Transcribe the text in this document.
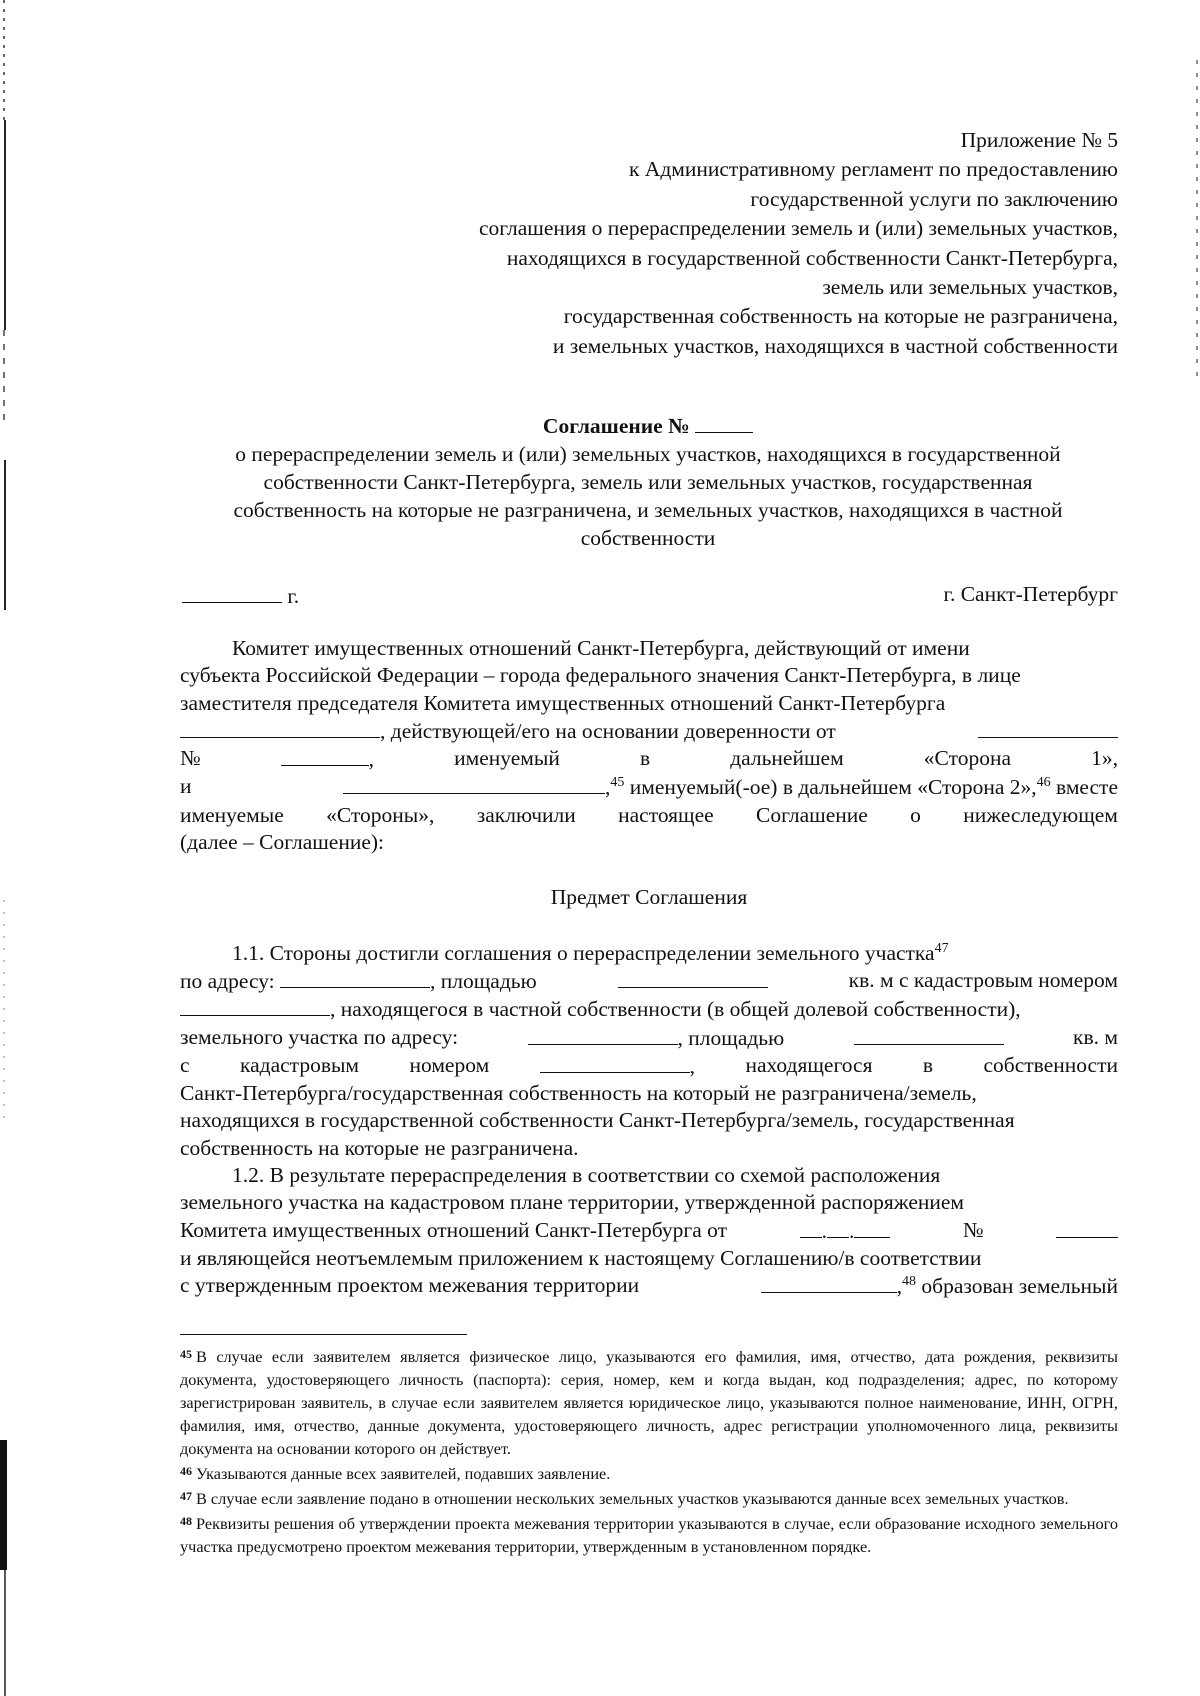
Приложение № 5
к Административному регламент по предоставлению
государственной услуги по заключению
соглашения о перераспределении земель и (или) земельных участков,
находящихся в государственной собственности Санкт-Петербурга,
земель или земельных участков,
государственная собственность на которые не разграничена,
и земельных участков, находящихся в частной собственности
Соглашение №
о перераспределении земель и (или) земельных участков, находящихся в государственной
собственности Санкт-Петербурга, земель или земельных участков, государственная
собственность на которые не разграничена, и земельных участков, находящихся в частной
собственности
г.	г. Санкт-Петербург

Комитет имущественных отношений Санкт-Петербурга, действующий от имени

субъекта Российской Федерации – города федерального значения Санкт-Петербурга, в лице

заместителя председателя Комитета имущественных отношений Санкт-Петербурга

, действующей/его на основании доверенности от

№	,	именуемый	в	дальнейшем	«Сторона	1»,

и	,$^{45}$ именуемый(-ое) в дальнейшем «Сторона 2»,$^{46}$ вместе

именуемые «Стороны», заключили настоящее Соглашение о нижеследующем

(далее – Соглашение):

Предмет Соглашения

1.1. Стороны достигли соглашения о перераспределении земельного участка$^{47}$

по адресу:	, площадью	кв. м с кадастровым номером

, находящегося в частной собственности (в общей долевой собственности),

земельного участка по адресу:	, площадью	кв. м

с кадастровым номером	, находящегося в собственности

Санкт-Петербурга/государственная собственность на который не разграничена/земель,

находящихся в государственной собственности Санкт-Петербурга/земель, государственная

собственность на которые не разграничена.

1.2. В результате перераспределения в соответствии со схемой расположения

земельного участка на кадастровом плане территории, утвержденной распоряжением

Комитета имущественных отношений Санкт-Петербурга от	. .	№

и являющейся неотъемлемым приложением к настоящему Соглашению/в соответствии

с утвержденным проектом межевания территории	,$^{48}$ образован земельный

$^{45}$ В случае если заявителем является физическое лицо, указываются его фамилия, имя, отчество, дата рождения, реквизиты документа, удостоверяющего личность (паспорта): серия, номер, кем и когда выдан, код подразделения; адрес, по которому зарегистрирован заявитель, в случае если заявителем является юридическое лицо, указываются полное наименование, ИНН, ОГРН, фамилия, имя, отчество, данные документа, удостоверяющего личность, адрес регистрации уполномоченного лица, реквизиты документа на основании которого он действует.

$^{46}$ Указываются данные всех заявителей, подавших заявление.

$^{47}$ В случае если заявление подано в отношении нескольких земельных участков указываются данные всех земельных участков.

$^{48}$ Реквизиты решения об утверждении проекта межевания территории указываются в случае, если образование исходного земельного участка предусмотрено проектом межевания территории, утвержденным в установленном порядке.
